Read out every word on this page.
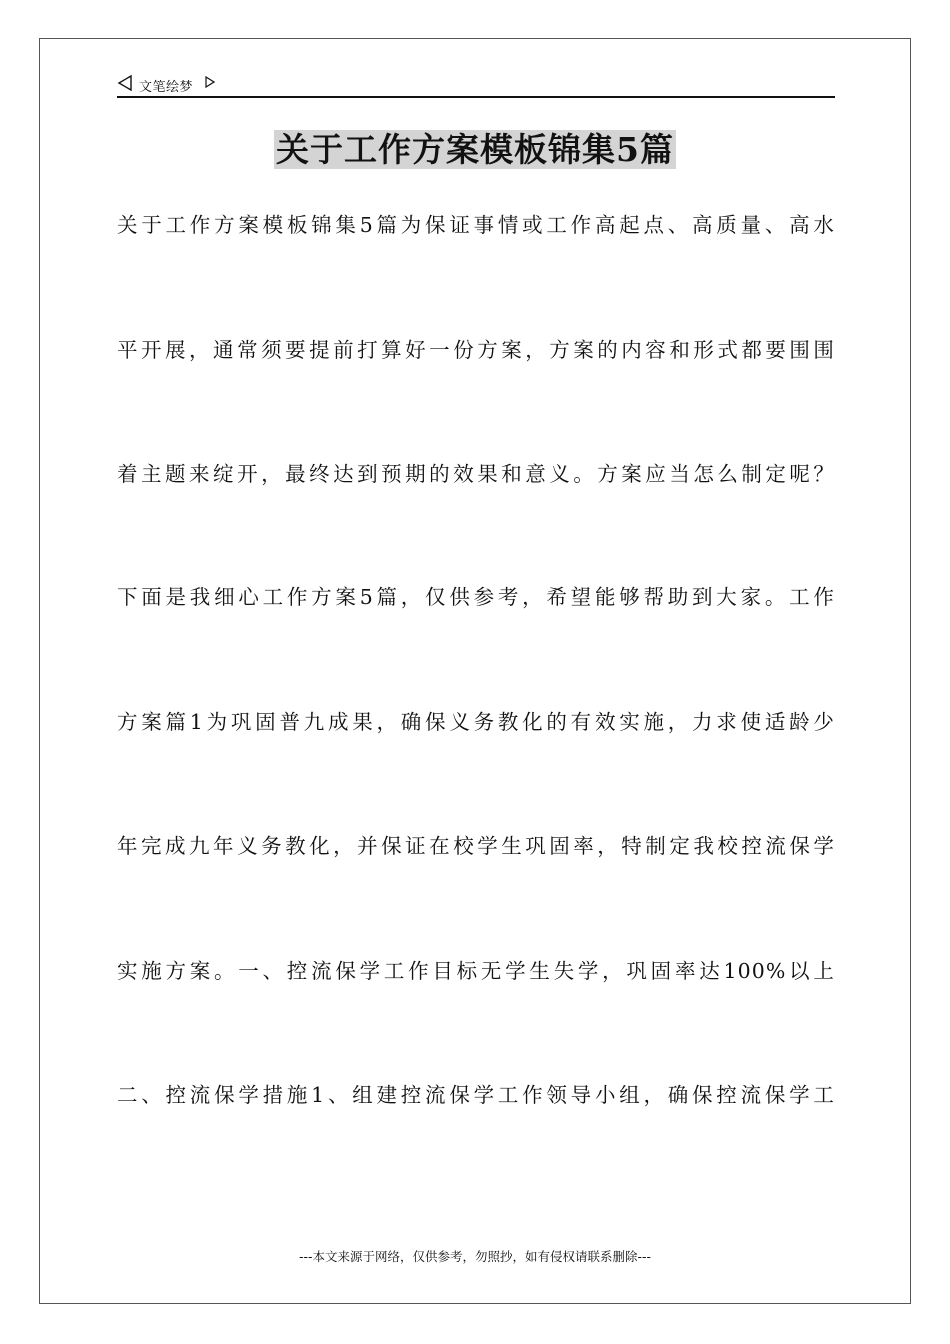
文笔绘梦
关于工作方案模板锦集5篇
关于工作方案模板锦集5篇为保证事情或工作高起点、高质量、高水
平开展，通常须要提前打算好一份方案，方案的内容和形式都要围围
着主题来绽开，最终达到预期的效果和意义。方案应当怎么制定呢？
下面是我细心工作方案5篇，仅供参考，希望能够帮助到大家。工作
方案篇1为巩固普九成果，确保义务教化的有效实施，力求使适龄少
年完成九年义务教化，并保证在校学生巩固率，特制定我校控流保学
实施方案。一、控流保学工作目标无学生失学，巩固率达100%以上
二、控流保学措施1、组建控流保学工作领导小组，确保控流保学工
---本文来源于网络，仅供参考，勿照抄，如有侵权请联系删除---
